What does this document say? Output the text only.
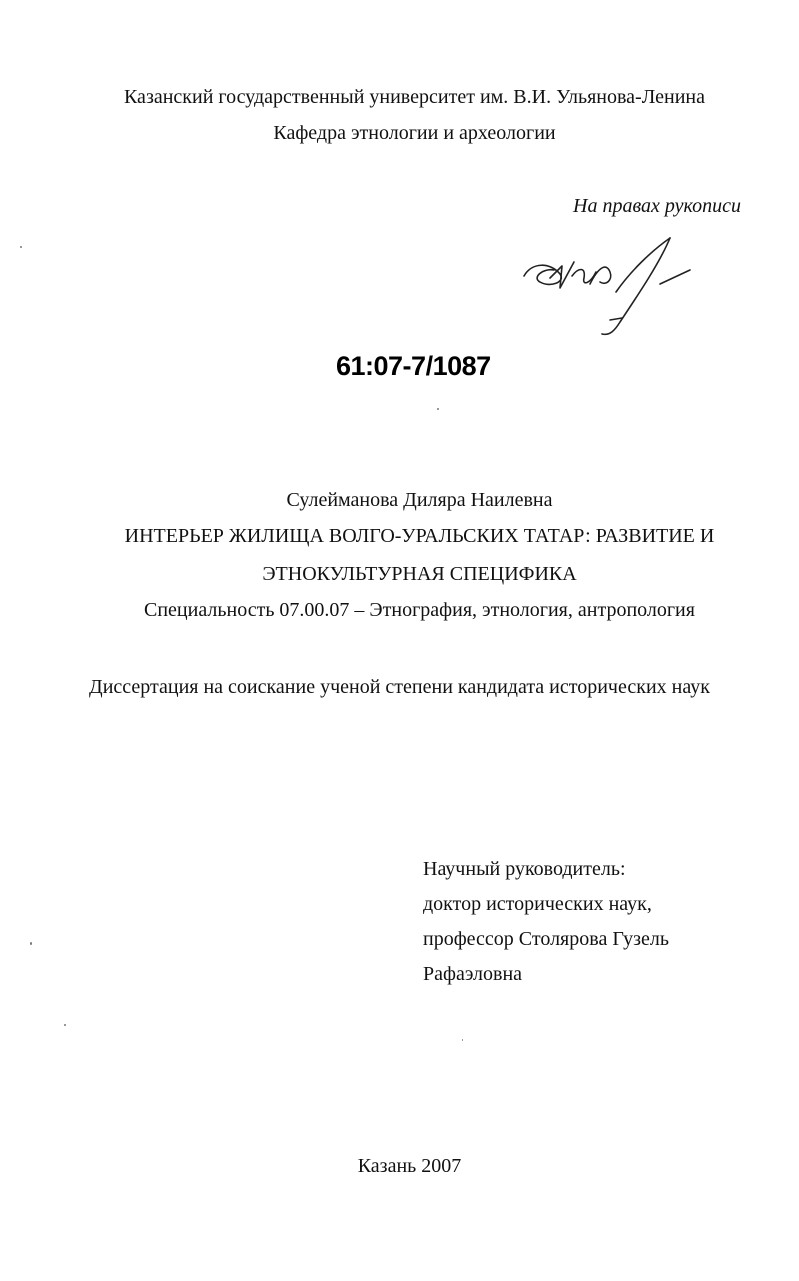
Казанский государственный университет им. В.И. Ульянова-Ленина
Кафедра этнологии и археологии
На правах рукописи
61:07-7/1087
Сулейманова Диляра Наилевна
ИНТЕРЬЕР ЖИЛИЩА ВОЛГО-УРАЛЬСКИХ ТАТАР: РАЗВИТИЕ И
ЭТНОКУЛЬТУРНАЯ СПЕЦИФИКА
Специальность 07.00.07 – Этнография, этнология, антропология
Диссертация на соискание ученой степени кандидата исторических наук
Научный руководитель:
доктор исторических наук,
профессор Столярова Гузель
Рафаэловна
Казань 2007
